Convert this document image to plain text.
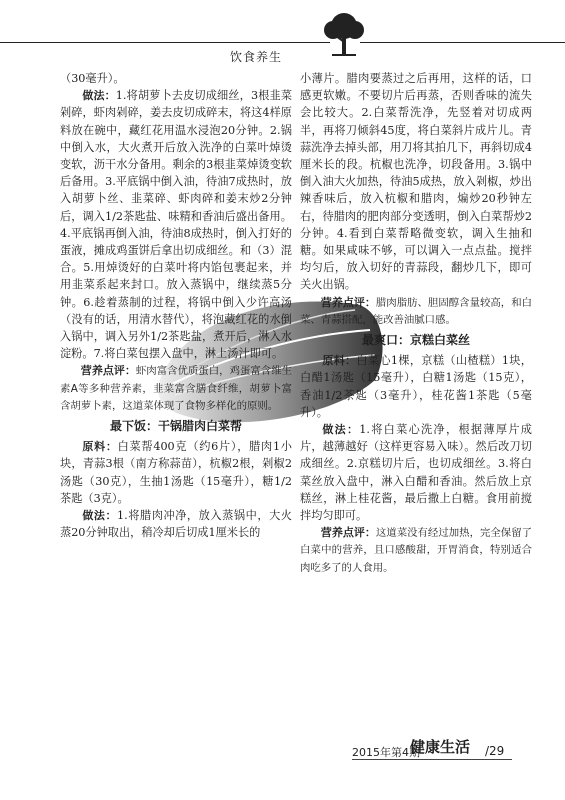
饮食养生

（30毫升）。

做法：1.将胡萝卜去皮切成细丝，3根韭菜剁碎，虾肉剁碎，姜去皮切成碎末，将这4样原料放在碗中，藏红花用温水浸泡20分钟。2.锅中倒入水，大火煮开后放入洗净的白菜叶焯烫变软，沥干水分备用。剩余的3根韭菜焯烫变软后备用。3.平底锅中倒入油，待油7成热时，放入胡萝卜丝、韭菜碎、虾肉碎和姜末炒2分钟后，调入1/2茶匙盐、味精和香油后盛出备用。4.平底锅再倒入油，待油8成热时，倒入打好的蛋液，摊成鸡蛋饼后拿出切成细丝。和（3）混合。5.用焯烫好的白菜叶将内馅包裹起来，并用韭菜系起来封口。放入蒸锅中，继续蒸5分钟。6.趁着蒸制的过程，将锅中倒入少许高汤（没有的话，用清水替代），将泡藏红花的水倒入锅中，调入另外1/2茶匙盐，煮开后，淋入水淀粉。7.将白菜包摆入盘中，淋上汤汁即可。

营养点评：虾肉富含优质蛋白，鸡蛋富含维生素A等多种营养素，韭菜富含膳食纤维，胡萝卜富含胡萝卜素，这道菜体现了食物多样化的原则。

最下饭：干锅腊肉白菜帮

原料：白菜帮400克（约6片），腊肉1小块，青蒜3根（南方称蒜苗），杭椒2根，剁椒2汤匙（30克），生抽1汤匙（15毫升），糖1/2茶匙（3克）。

做法：1.将腊肉冲净，放入蒸锅中，大火蒸20分钟取出，稍冷却后切成1厘米长的

小薄片。腊肉要蒸过之后再用，这样的话，口感更软嫩。不要切片后再蒸，否则香味的流失会比较大。2.白菜帮洗净，先竖着对切成两半，再将刀倾斜45度，将白菜斜片成片儿。青蒜洗净去掉头部，用刀将其拍几下，再斜切成4厘米长的段。杭椒也洗净，切段备用。3.锅中倒入油大火加热，待油5成热，放入剁椒，炒出辣香味后，放入杭椒和腊肉，煸炒20秒钟左右，待腊肉的肥肉部分变透明，倒入白菜帮炒2分钟。4.看到白菜帮略微变软，调入生抽和糖。如果咸味不够，可以调入一点点盐。搅拌均匀后，放入切好的青蒜段，翻炒几下，即可关火出锅。

营养点评：腊肉脂肪、胆固醇含量较高，和白菜、青蒜搭配，能改善油腻口感。

最爽口：京糕白菜丝

原料：白菜心1棵，京糕（山楂糕）1块，白醋1汤匙（15毫升），白糖1汤匙（15克），香油1/2茶匙（3毫升），桂花酱1茶匙（5毫升）。

做法：1.将白菜心洗净，根据薄厚片成片，越薄越好（这样更容易入味）。然后改刀切成细丝。2.京糕切片后，也切成细丝。3.将白菜丝放入盘中，淋入白醋和香油。然后放上京糕丝，淋上桂花酱，最后撒上白糖。食用前搅拌均匀即可。

营养点评：这道菜没有经过加热，完全保留了白菜中的营养，且口感酸甜，开胃消食，特别适合肉吃多了的人食用。

2015年第4期
健康生活 /29
